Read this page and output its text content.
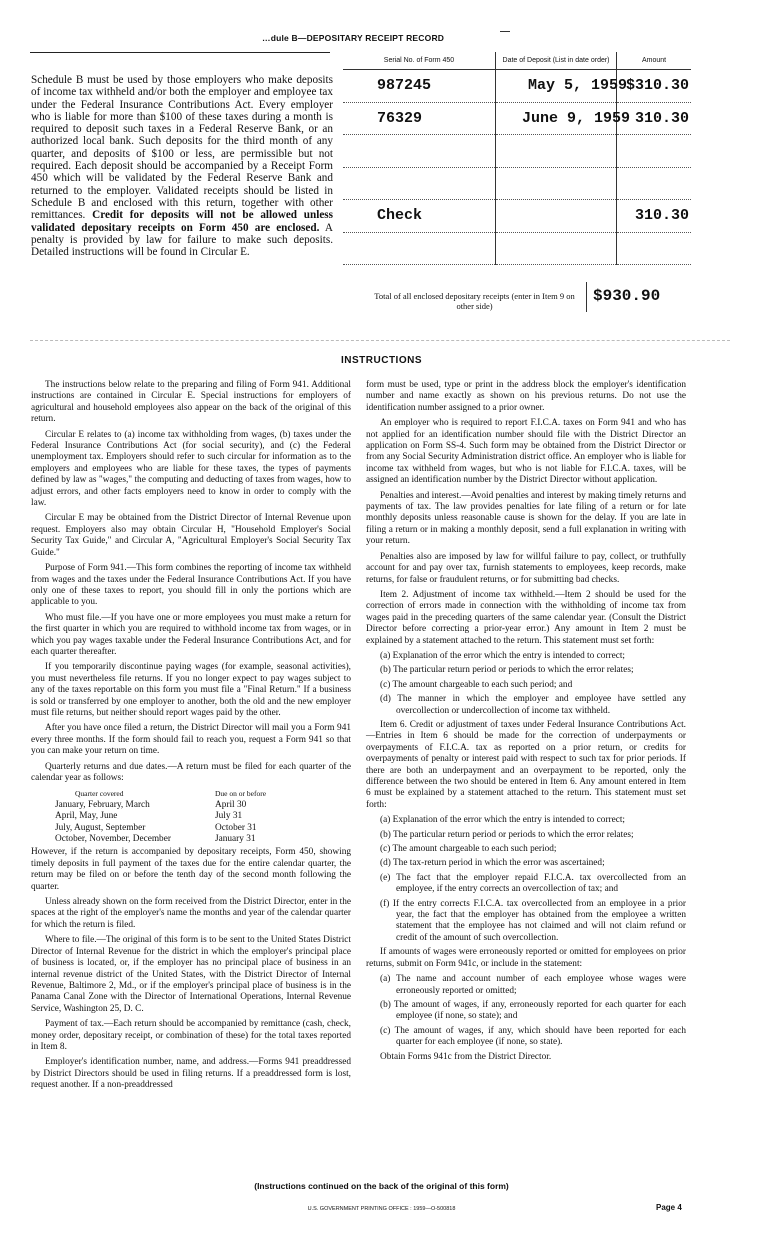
…dule B—DEPOSITARY RECEIPT RECORD
Schedule B must be used by those employers who make deposits of income tax withheld and/or both the employer and employee tax under the Federal Insurance Contributions Act. Every employer who is liable for more than $100 of these taxes during a month is required to deposit such taxes in a Federal Reserve Bank, or an authorized local bank. Such deposits for the third month of any quarter, and deposits of $100 or less, are permissible but not required. Each deposit should be accompanied by a Receipt Form 450 which will be validated by the Federal Reserve Bank and returned to the employer. Validated receipts should be listed in Schedule B and enclosed with this return, together with other remittances. Credit for deposits will not be allowed unless validated depositary receipts on Form 450 are enclosed. A penalty is provided by law for failure to make such deposits. Detailed instructions will be found in Circular E.
Serial No. of Form 450	Date of Deposit (List in date order)	Amount
987245	May 5, 1959	$310.30
76329	June 9, 1959	310.30

Check		310.30

Total of all enclosed depositary receipts (enter in Item 9 on other side)
$930.90
INSTRUCTIONS

The instructions below relate to the preparing and filing of Form 941. Additional instructions are contained in Circular E. Special instructions for employers of agricultural and household employees also appear on the back of the original of this return.

Circular E relates to (a) income tax withholding from wages, (b) taxes under the Federal Insurance Contributions Act (for social security), and (c) the Federal unemployment tax. Employers should refer to such circular for information as to the employers and employees who are liable for these taxes, the types of payments defined by law as "wages," the computing and deducting of taxes from wages, how to adjust errors, and other facts employers need to know in order to comply with the law.

Circular E may be obtained from the District Director of Internal Revenue upon request. Employers also may obtain Circular H, "Household Employer's Social Security Tax Guide," and Circular A, "Agricultural Employer's Social Security Tax Guide."

Purpose of Form 941.—This form combines the reporting of income tax withheld from wages and the taxes under the Federal Insurance Contributions Act. If you have only one of these taxes to report, you should fill in only the portions which are applicable to you.

Who must file.—If you have one or more employees you must make a return for the first quarter in which you are required to withhold income tax from wages, or in which you pay wages taxable under the Federal Insurance Contributions Act, and for each quarter thereafter.

If you temporarily discontinue paying wages (for example, seasonal activities), you must nevertheless file returns. If you no longer expect to pay wages subject to any of the taxes reportable on this form you must file a "Final Return." If a business is sold or transferred by one employer to another, both the old and the new employer must file returns, but neither should report wages paid by the other.

After you have once filed a return, the District Director will mail you a Form 941 every three months. If the form should fail to reach you, request a Form 941 so that you can make your return on time.

Quarterly returns and due dates.—A return must be filed for each quarter of the calendar year as follows:

Quarter covered	Due on or before
January, February, March	April 30
April, May, June	July 31
July, August, September	October 31
October, November, December	January 31

However, if the return is accompanied by depositary receipts, Form 450, showing timely deposits in full payment of the taxes due for the entire calendar quarter, the return may be filed on or before the tenth day of the second month following the quarter.

Unless already shown on the form received from the District Director, enter in the spaces at the right of the employer's name the months and year of the calendar quarter for which the return is filed.

Where to file.—The original of this form is to be sent to the United States District Director of Internal Revenue for the district in which the employer's principal place of business is located, or, if the employer has no principal place of business in an internal revenue district of the United States, with the District Director of Internal Revenue, Baltimore 2, Md., or if the employer's principal place of business is in the Panama Canal Zone with the Director of International Operations, Internal Revenue Service, Washington 25, D. C.

Payment of tax.—Each return should be accompanied by remittance (cash, check, money order, depositary receipt, or combination of these) for the total taxes reported in Item 8.

Employer's identification number, name, and address.—Forms 941 preaddressed by District Directors should be used in filing returns. If a preaddressed form is lost, request another. If a non-preaddressed

form must be used, type or print in the address block the employer's identification number and name exactly as shown on his previous returns. Do not use the identification number assigned to a prior owner.

An employer who is required to report F.I.C.A. taxes on Form 941 and who has not applied for an identification number should file with the District Director an application on Form SS-4. Such form may be obtained from the District Director or from any Social Security Administration district office. An employer who is liable for income tax withheld from wages, but who is not liable for F.I.C.A. taxes, will be assigned an identification number by the District Director without application.

Penalties and interest.—Avoid penalties and interest by making timely returns and payments of tax. The law provides penalties for late filing of a return or for late monthly deposits unless reasonable cause is shown for the delay. If you are late in filing a return or in making a monthly deposit, send a full explanation in writing with your return.

Penalties also are imposed by law for willful failure to pay, collect, or truthfully account for and pay over tax, furnish statements to employees, keep records, make returns, for false or fraudulent returns, or for submitting bad checks.

Item 2. Adjustment of income tax withheld.—Item 2 should be used for the correction of errors made in connection with the withholding of income tax from wages paid in the preceding quarters of the same calendar year. (Consult the District Director before correcting a prior-year error.) Any amount in Item 2 must be explained by a statement attached to the return. This statement must set forth:

(a) Explanation of the error which the entry is intended to correct;

(b) The particular return period or periods to which the error relates;

(c) The amount chargeable to each such period; and

(d) The manner in which the employer and employee have settled any overcollection or undercollection of income tax withheld.

Item 6. Credit or adjustment of taxes under Federal Insurance Contributions Act.—Entries in Item 6 should be made for the correction of underpayments or overpayments of F.I.C.A. tax as reported on a prior return, or credits for overpayments of penalty or interest paid with respect to such tax for prior periods. If there are both an underpayment and an overpayment to be reported, only the difference between the two should be entered in Item 6. Any amount entered in Item 6 must be explained by a statement attached to the return. This statement must set forth:

(a) Explanation of the error which the entry is intended to correct;

(b) The particular return period or periods to which the error relates;

(c) The amount chargeable to each such period;

(d) The tax-return period in which the error was ascertained;

(e) The fact that the employer repaid F.I.C.A. tax overcollected from an employee, if the entry corrects an overcollection of tax; and

(f) If the entry corrects F.I.C.A. tax overcollected from an employee in a prior year, the fact that the employer has obtained from the employee a written statement that the employee has not claimed and will not claim refund or credit of the amount of such overcollection.

If amounts of wages were erroneously reported or omitted for employees on prior returns, submit on Form 941c, or include in the statement:

(a) The name and account number of each employee whose wages were erroneously reported or omitted;

(b) The amount of wages, if any, erroneously reported for each quarter for each employee (if none, so state); and

(c) The amount of wages, if any, which should have been reported for each quarter for each employee (if none, so state).

Obtain Forms 941c from the District Director.

(Instructions continued on the back of the original of this form)
U.S. GOVERNMENT PRINTING OFFICE : 1959—O-500818	Page 4
